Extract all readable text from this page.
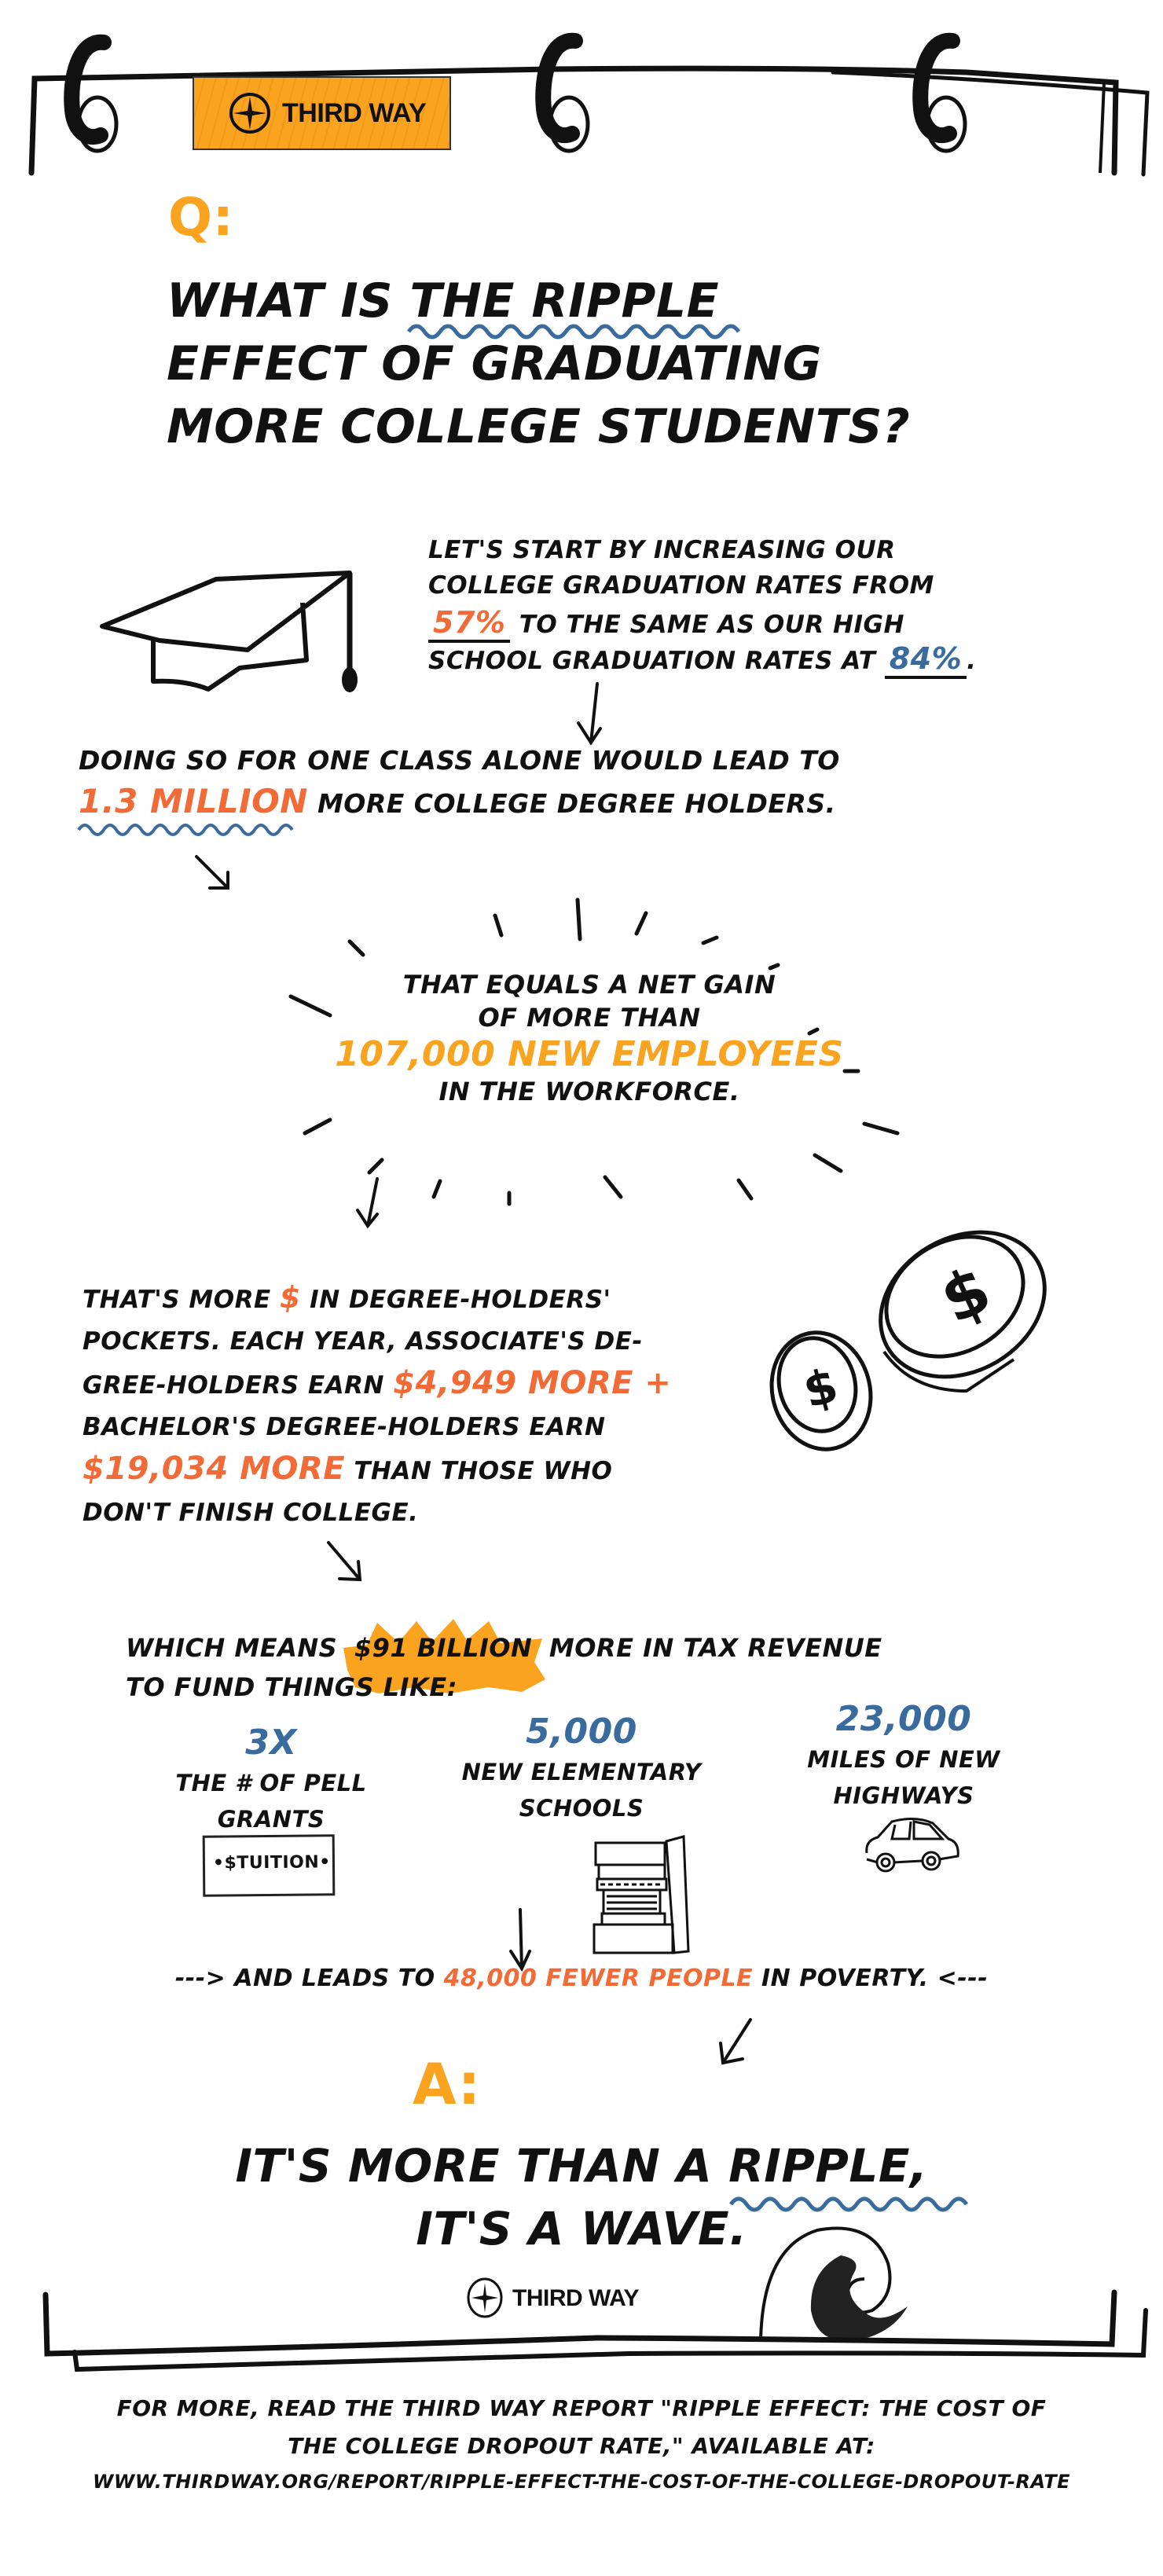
THIRD WAY
Q:
WHAT IS THE RIPPLE
EFFECT OF GRADUATING
MORE COLLEGE STUDENTS?
LET'S START BY INCREASING OUR
COLLEGE GRADUATION RATES FROM
57% TO THE SAME AS OUR HIGH
SCHOOL GRADUATION RATES AT 84% .
DOING SO FOR ONE CLASS ALONE WOULD LEAD TO
1.3 MILLION MORE COLLEGE DEGREE HOLDERS.
THAT EQUALS A NET GAIN
OF MORE THAN
107,000 NEW EMPLOYEES
IN THE WORKFORCE.
THAT'S MORE $ IN DEGREE-HOLDERS'
POCKETS. EACH YEAR, ASSOCIATE'S DE-
GREE-HOLDERS EARN $4,949 MORE +
BACHELOR'S DEGREE-HOLDERS EARN
$19,034 MORE THAN THOSE WHO
DON'T FINISH COLLEGE.
$
$
WHICH MEANS $91 BILLION MORE IN TAX REVENUE
TO FUND THINGS LIKE:
3X
THE # OF PELL
GRANTS
•$TUITION•
5,000
NEW ELEMENTARY
SCHOOLS
23,000
MILES OF NEW
HIGHWAYS
---> AND LEADS TO 48,000 FEWER PEOPLE IN POVERTY. <---
A:
IT'S MORE THAN A RIPPLE,
IT'S A WAVE.
THIRD WAY
FOR MORE, READ THE THIRD WAY REPORT "RIPPLE EFFECT: THE COST OF
THE COLLEGE DROPOUT RATE," AVAILABLE AT:
WWW.THIRDWAY.ORG/REPORT/RIPPLE-EFFECT-THE-COST-OF-THE-COLLEGE-DROPOUT-RATE
